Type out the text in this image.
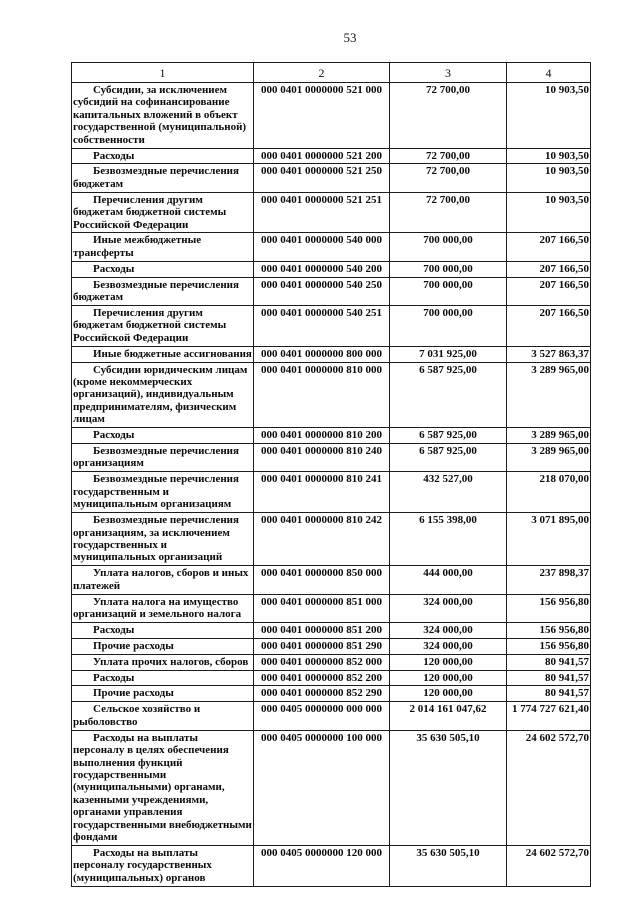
53
1	2	3	4
Субсидии, за исключением субсидий на софинансирование капитальных вложений в объект государственной (муниципальной) собственности	000 0401 0000000 521 000	72 700,00	10 903,50
Расходы	000 0401 0000000 521 200	72 700,00	10 903,50
Безвозмездные перечисления бюджетам	000 0401 0000000 521 250	72 700,00	10 903,50
Перечисления другим бюджетам бюджетной системы Российской Федерации	000 0401 0000000 521 251	72 700,00	10 903,50
Иные межбюджетные трансферты	000 0401 0000000 540 000	700 000,00	207 166,50
Расходы	000 0401 0000000 540 200	700 000,00	207 166,50
Безвозмездные перечисления бюджетам	000 0401 0000000 540 250	700 000,00	207 166,50
Перечисления другим бюджетам бюджетной системы Российской Федерации	000 0401 0000000 540 251	700 000,00	207 166,50
Иные бюджетные ассигнования	000 0401 0000000 800 000	7 031 925,00	3 527 863,37
Субсидии юридическим лицам (кроме некоммерческих организаций), индивидуальным предпринимателям, физическим лицам	000 0401 0000000 810 000	6 587 925,00	3 289 965,00
Расходы	000 0401 0000000 810 200	6 587 925,00	3 289 965,00
Безвозмездные перечисления организациям	000 0401 0000000 810 240	6 587 925,00	3 289 965,00
Безвозмездные перечисления государственным и муниципальным организациям	000 0401 0000000 810 241	432 527,00	218 070,00
Безвозмездные перечисления организациям, за исключением государственных и муниципальных организаций	000 0401 0000000 810 242	6 155 398,00	3 071 895,00
Уплата налогов, сборов и иных платежей	000 0401 0000000 850 000	444 000,00	237 898,37
Уплата налога на имущество организаций и земельного налога	000 0401 0000000 851 000	324 000,00	156 956,80
Расходы	000 0401 0000000 851 200	324 000,00	156 956,80
Прочие расходы	000 0401 0000000 851 290	324 000,00	156 956,80
Уплата прочих налогов, сборов	000 0401 0000000 852 000	120 000,00	80 941,57
Расходы	000 0401 0000000 852 200	120 000,00	80 941,57
Прочие расходы	000 0401 0000000 852 290	120 000,00	80 941,57
Сельское хозяйство и рыболовство	000 0405 0000000 000 000	2 014 161 047,62	1 774 727 621,40
Расходы на выплаты персоналу в целях обеспечения выполнения функций государственными (муниципальными) органами, казенными учреждениями, органами управления государственными внебюджетными фондами	000 0405 0000000 100 000	35 630 505,10	24 602 572,70
Расходы на выплаты персоналу государственных (муниципальных) органов	000 0405 0000000 120 000	35 630 505,10	24 602 572,70
